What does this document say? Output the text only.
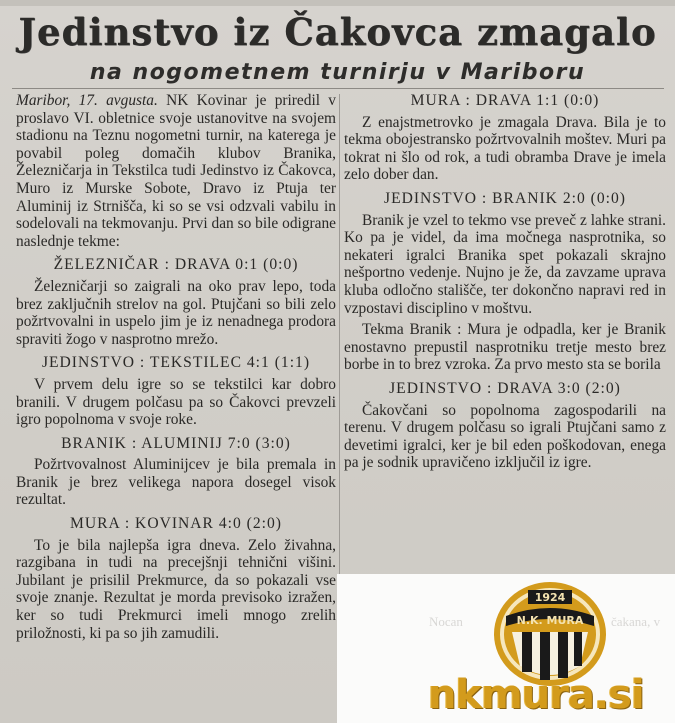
Jedinstvo iz Čakovca zmagalo
na nogometnem turnirju v Mariboru

Maribor, 17. avgusta. NK Kovinar je priredil v proslavo VI. obletnice svoje ustanovitve na svojem stadionu na Teznu nogometni turnir, na katerega je povabil poleg domačih klubov Branika, Železničarja in Tekstilca tudi Jedinstvo iz Čakovca, Muro iz Murske Sobote, Dravo iz Ptuja ter Aluminij iz Strnišča, ki so se vsi odzvali vabilu in sodelovali na tekmovanju. Prvi dan so bile odigrane naslednje tekme:

ŽELEZNIČAR : DRAVA 0:1 (0:0)

Železničarji so zaigrali na oko prav lepo, toda brez zaključnih strelov na gol. Ptujčani so bili zelo požrtvovalni in uspelo jim je iz nenadnega prodora spraviti žogo v nasprotno mrežo.

JEDINSTVO : TEKSTILEC 4:1 (1:1)

V prvem delu igre so se tekstilci kar dobro branili. V drugem polčasu pa so Čakovci prevzeli igro popolnoma v svoje roke.

BRANIK : ALUMINIJ 7:0 (3:0)

Požrtvovalnost Aluminijcev je bila premala in Branik je brez velikega napora dosegel visok rezultat.

MURA : KOVINAR 4:0 (2:0)

To je bila najlepša igra dneva. Zelo živahna, razgibana in tudi na precejšnji tehnični višini. Jubilant je prisilil Prekmurce, da so pokazali vse svoje znanje. Rezultat je morda previsoko izražen, ker so tudi Prekmurci imeli mnogo zrelih priložnosti, ki pa so jih zamudili.

MURA : DRAVA 1:1 (0:0)

Z enajstmetrovko je zmagala Drava. Bila je to tekma obojestransko požrtvovalnih moštev. Muri pa tokrat ni šlo od rok, a tudi obramba Drave je imela zelo dober dan.

JEDINSTVO : BRANIK 2:0 (0:0)

Branik je vzel to tekmo vse preveč z lahke strani. Ko pa je videl, da ima močnega nasprotnika, so nekateri igralci Branika spet pokazali skrajno nešportno vedenje. Nujno je že, da zavzame uprava kluba odločno stališče, ter dokončno napravi red in vzpostavi disciplino v moštvu.

Tekma Branik : Mura je odpadla, ker je Branik enostavno prepustil nasprotniku tretje mesto brez borbe in to brez vzroka. Za prvo mesto sta se borila

JEDINSTVO : DRAVA 3:0 (2:0)

Čakovčani so popolnoma zagospodarili na terenu. V drugem polčasu so igrali Ptujčani samo z devetimi igralci, ker je bil eden poškodovan, enega pa je sodnik upravičeno izključil iz igre.

Nocan	čakana, v
1924
N.K. MURA
nkmura.si
